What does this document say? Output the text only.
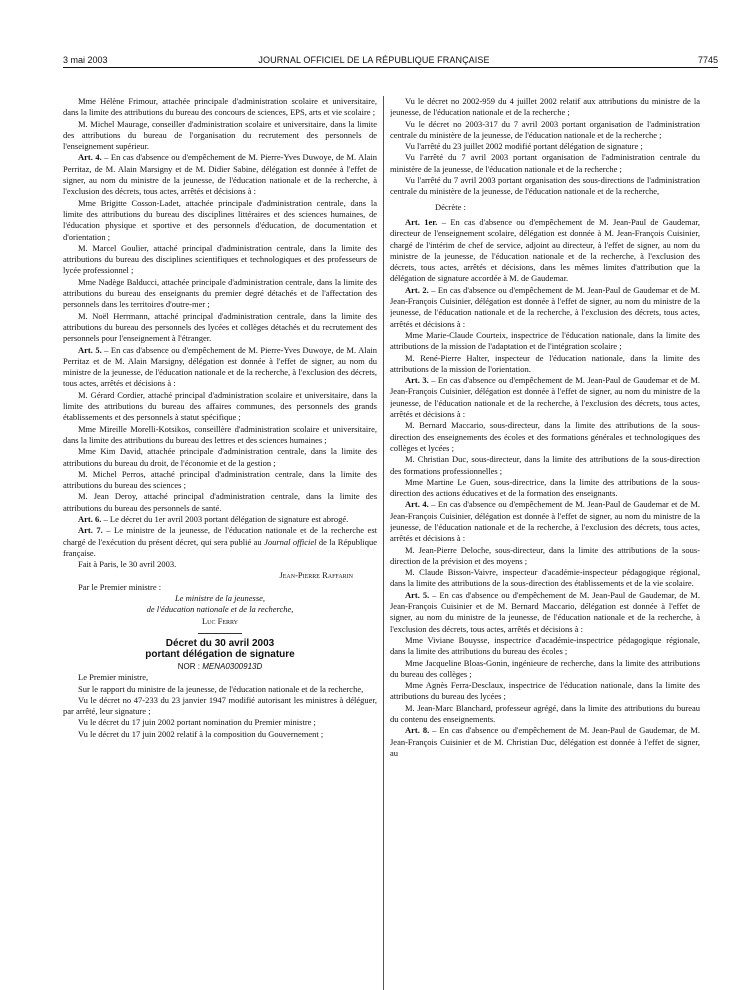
3 mai 2003	JOURNAL OFFICIEL DE LA RÉPUBLIQUE FRANÇAISE	7745

Mme Hélène Frimour, attachée principale d'administration scolaire et universitaire, dans la limite des attributions du bureau des concours de sciences, EPS, arts et vie scolaire ;

M. Michel Maurage, conseiller d'administration scolaire et universitaire, dans la limite des attributions du bureau de l'organisation du recrutement des personnels de l'enseignement supérieur.

Art. 4. – En cas d'absence ou d'empêchement de M. Pierre-Yves Duwoye, de M. Alain Perritaz, de M. Alain Marsigny et de M. Didier Sabine, délégation est donnée à l'effet de signer, au nom du ministre de la jeunesse, de l'éducation nationale et de la recherche, à l'exclusion des décrets, tous actes, arrêtés et décisions à :

Mme Brigitte Cosson-Ladet, attachée principale d'administration centrale, dans la limite des attributions du bureau des disciplines littéraires et des sciences humaines, de l'éducation physique et sportive et des personnels d'éducation, de documentation et d'orientation ;

M. Marcel Goulier, attaché principal d'administration centrale, dans la limite des attributions du bureau des disciplines scientifiques et technologiques et des professeurs de lycée professionnel ;

Mme Nadège Balducci, attachée principale d'administration centrale, dans la limite des attributions du bureau des enseignants du premier degré détachés et de l'affectation des personnels dans les territoires d'outre-mer ;

M. Noël Herrmann, attaché principal d'administration centrale, dans la limite des attributions du bureau des personnels des lycées et collèges détachés et du recrutement des personnels pour l'enseignement à l'étranger.

Art. 5. – En cas d'absence ou d'empêchement de M. Pierre-Yves Duwoye, de M. Alain Perritaz et de M. Alain Marsigny, délégation est donnée à l'effet de signer, au nom du ministre de la jeunesse, de l'éducation nationale et de la recherche, à l'exclusion des décrets, tous actes, arrêtés et décisions à :

M. Gérard Cordier, attaché principal d'administration scolaire et universitaire, dans la limite des attributions du bureau des affaires communes, des personnels des grands établissements et des personnels à statut spécifique ;

Mme Mireille Morelli-Kotsikos, conseillère d'administration scolaire et universitaire, dans la limite des attributions du bureau des lettres et des sciences humaines ;

Mme Kim David, attachée principale d'administration centrale, dans la limite des attributions du bureau du droit, de l'économie et de la gestion ;

M. Michel Perros, attaché principal d'administration centrale, dans la limite des attributions du bureau des sciences ;

M. Jean Deroy, attaché principal d'administration centrale, dans la limite des attributions du bureau des personnels de santé.

Art. 6. – Le décret du 1er avril 2003 portant délégation de signature est abrogé.

Art. 7. – Le ministre de la jeunesse, de l'éducation nationale et de la recherche est chargé de l'exécution du présent décret, qui sera publié au Journal officiel de la République française.

Fait à Paris, le 30 avril 2003.

Jean-Pierre Raffarin

Par le Premier ministre :

Le ministre de la jeunesse,

de l'éducation nationale et de la recherche,

Luc Ferry

Décret du 30 avril 2003

portant délégation de signature

NOR : MENA0300913D

Le Premier ministre,

Sur le rapport du ministre de la jeunesse, de l'éducation nationale et de la recherche,

Vu le décret no 47-233 du 23 janvier 1947 modifié autorisant les ministres à déléguer, par arrêté, leur signature ;

Vu le décret du 17 juin 2002 portant nomination du Premier ministre ;

Vu le décret du 17 juin 2002 relatif à la composition du Gouvernement ;

Vu le décret no 2002-959 du 4 juillet 2002 relatif aux attributions du ministre de la jeunesse, de l'éducation nationale et de la recherche ;

Vu le décret no 2003-317 du 7 avril 2003 portant organisation de l'administration centrale du ministère de la jeunesse, de l'éducation nationale et de la recherche ;

Vu l'arrêté du 23 juillet 2002 modifié portant délégation de signature ;

Vu l'arrêté du 7 avril 2003 portant organisation de l'administration centrale du ministère de la jeunesse, de l'éducation nationale et de la recherche ;

Vu l'arrêté du 7 avril 2003 portant organisation des sous-directions de l'administration centrale du ministère de la jeunesse, de l'éducation nationale et de la recherche,

Décrète :

Art. 1er. – En cas d'absence ou d'empêchement de M. Jean-Paul de Gaudemar, directeur de l'enseignement scolaire, délégation est donnée à M. Jean-François Cuisinier, chargé de l'intérim de chef de service, adjoint au directeur, à l'effet de signer, au nom du ministre de la jeunesse, de l'éducation nationale et de la recherche, à l'exclusion des décrets, tous actes, arrêtés et décisions, dans les mêmes limites d'attribution que la délégation de signature accordée à M. de Gaudemar.

Art. 2. – En cas d'absence ou d'empêchement de M. Jean-Paul de Gaudemar et de M. Jean-François Cuisinier, délégation est donnée à l'effet de signer, au nom du ministre de la jeunesse, de l'éducation nationale et de la recherche, à l'exclusion des décrets, tous actes, arrêtés et décisions à :

Mme Marie-Claude Courteix, inspectrice de l'éducation nationale, dans la limite des attributions de la mission de l'adaptation et de l'intégration scolaire ;

M. René-Pierre Halter, inspecteur de l'éducation nationale, dans la limite des attributions de la mission de l'orientation.

Art. 3. – En cas d'absence ou d'empêchement de M. Jean-Paul de Gaudemar et de M. Jean-François Cuisinier, délégation est donnée à l'effet de signer, au nom du ministre de la jeunesse, de l'éducation nationale et de la recherche, à l'exclusion des décrets, tous actes, arrêtés et décisions à :

M. Bernard Maccario, sous-directeur, dans la limite des attributions de la sous-direction des enseignements des écoles et des formations générales et technologiques des collèges et lycées ;

M. Christian Duc, sous-directeur, dans la limite des attributions de la sous-direction des formations professionnelles ;

Mme Martine Le Guen, sous-directrice, dans la limite des attributions de la sous-direction des actions éducatives et de la formation des enseignants.

Art. 4. – En cas d'absence ou d'empêchement de M. Jean-Paul de Gaudemar et de M. Jean-François Cuisinier, délégation est donnée à l'effet de signer, au nom du ministre de la jeunesse, de l'éducation nationale et de la recherche, à l'exclusion des décrets, tous actes, arrêtés et décisions à :

M. Jean-Pierre Deloche, sous-directeur, dans la limite des attributions de la sous-direction de la prévision et des moyens ;

M. Claude Bisson-Vaivre, inspecteur d'académie-inspecteur pédagogique régional, dans la limite des attributions de la sous-direction des établissements et de la vie scolaire.

Art. 5. – En cas d'absence ou d'empêchement de M. Jean-Paul de Gaudemar, de M. Jean-François Cuisinier et de M. Bernard Maccario, délégation est donnée à l'effet de signer, au nom du ministre de la jeunesse, de l'éducation nationale et de la recherche, à l'exclusion des décrets, tous actes, arrêtés et décisions à :

Mme Viviane Bouysse, inspectrice d'académie-inspectrice pédagogique régionale, dans la limite des attributions du bureau des écoles ;

Mme Jacqueline Bloas-Gonin, ingénieure de recherche, dans la limite des attributions du bureau des collèges ;

Mme Agnès Ferra-Desclaux, inspectrice de l'éducation nationale, dans la limite des attributions du bureau des lycées ;

M. Jean-Marc Blanchard, professeur agrégé, dans la limite des attributions du bureau du contenu des enseignements.

Art. 8. – En cas d'absence ou d'empêchement de M. Jean-Paul de Gaudemar, de M. Jean-François Cuisinier et de M. Christian Duc, délégation est donnée à l'effet de signer, au
